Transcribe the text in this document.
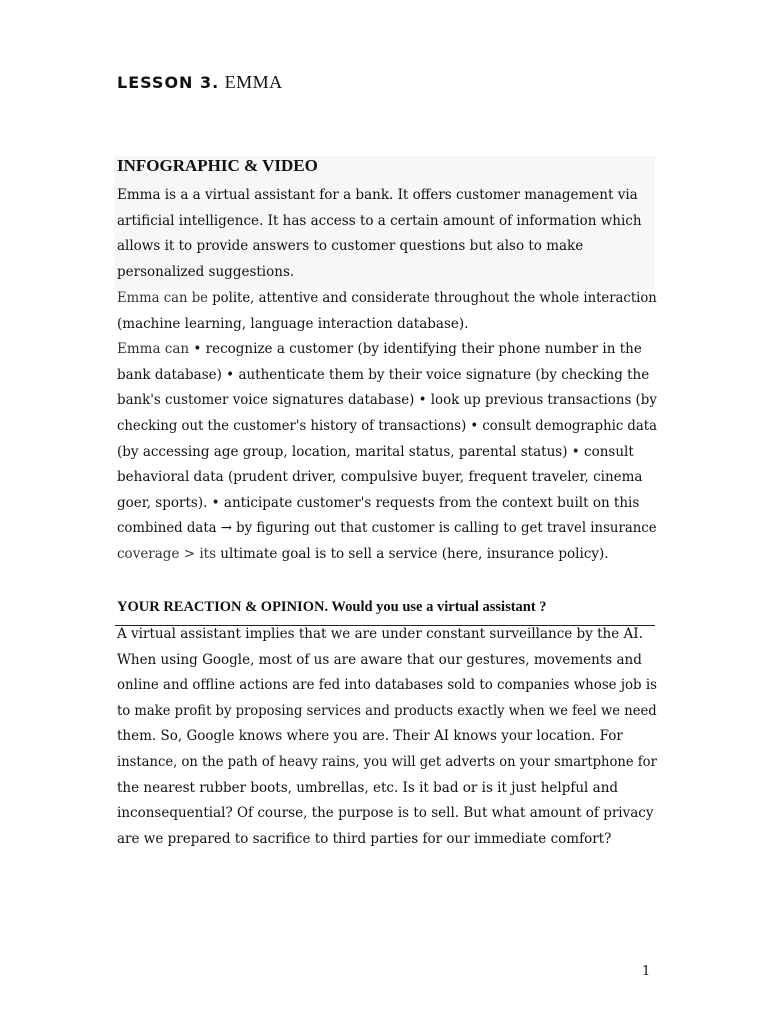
LESSON 3. EMMA
INFOGRAPHIC & VIDEO
Emma is a a virtual assistant for a bank. It offers customer management via
artificial intelligence. It has access to a certain amount of information which
allows it to provide answers to customer questions but also to make
personalized suggestions.
Emma can be polite, attentive and considerate throughout the whole interaction
(machine learning, language interaction database).
Emma can • recognize a customer (by identifying their phone number in the
bank database) • authenticate them by their voice signature (by checking the
bank's customer voice signatures database) • look up previous transactions (by
checking out the customer's history of transactions) • consult demographic data
(by accessing age group, location, marital status, parental status) • consult
behavioral data (prudent driver, compulsive buyer, frequent traveler, cinema
goer, sports). • anticipate customer's requests from the context built on this
combined data → by figuring out that customer is calling to get travel insurance
coverage > its ultimate goal is to sell a service (here, insurance policy).
YOUR REACTION & OPINION. Would you use a virtual assistant ?
A virtual assistant implies that we are under constant surveillance by the AI.
When using Google, most of us are aware that our gestures, movements and
online and offline actions are fed into databases sold to companies whose job is
to make profit by proposing services and products exactly when we feel we need
them. So, Google knows where you are. Their AI knows your location. For
instance, on the path of heavy rains, you will get adverts on your smartphone for
the nearest rubber boots, umbrellas, etc. Is it bad or is it just helpful and
inconsequential? Of course, the purpose is to sell. But what amount of privacy
are we prepared to sacrifice to third parties for our immediate comfort?
1
